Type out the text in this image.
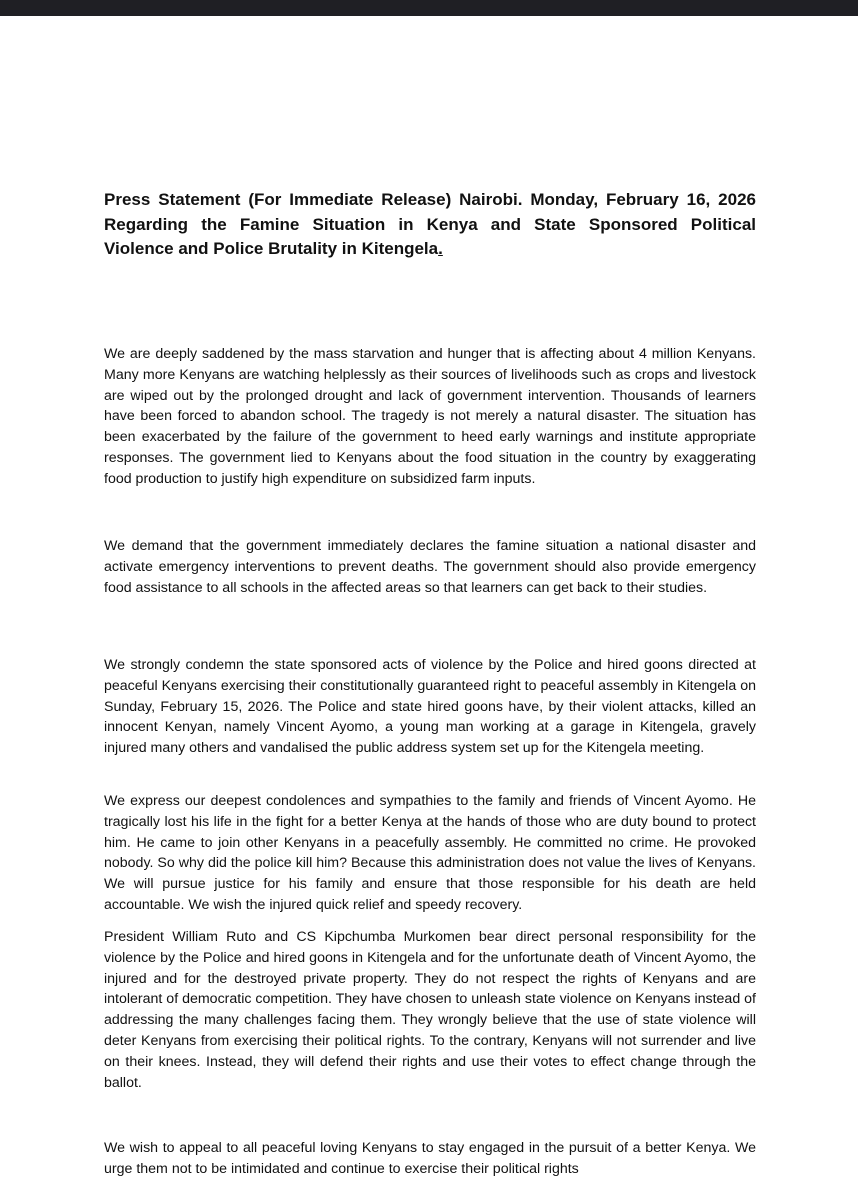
Press Statement (For Immediate Release) Nairobi. Monday, February 16, 2026
Regarding the Famine Situation in Kenya and State Sponsored Political
Violence and Police Brutality in Kitengela.

We are deeply saddened by the mass starvation and hunger that is affecting about 4 million Kenyans. Many more Kenyans are watching helplessly as their sources of livelihoods such as crops and livestock are wiped out by the prolonged drought and lack of government intervention. Thousands of learners have been forced to abandon school. The tragedy is not merely a natural disaster. The situation has been exacerbated by the failure of the government to heed early warnings and institute appropriate responses. The government lied to Kenyans about the food situation in the country by exaggerating food production to justify high expenditure on subsidized farm inputs.

We demand that the government immediately declares the famine situation a national disaster and activate emergency interventions to prevent deaths. The government should also provide emergency food assistance to all schools in the affected areas so that learners can get back to their studies.

We strongly condemn the state sponsored acts of violence by the Police and hired goons directed at peaceful Kenyans exercising their constitutionally guaranteed right to peaceful assembly in Kitengela on Sunday, February 15, 2026. The Police and state hired goons have, by their violent attacks, killed an innocent Kenyan, namely Vincent Ayomo, a young man working at a garage in Kitengela, gravely injured many others and vandalised the public address system set up for the Kitengela meeting.

We express our deepest condolences and sympathies to the family and friends of Vincent Ayomo. He tragically lost his life in the fight for a better Kenya at the hands of those who are duty bound to protect him. He came to join other Kenyans in a peacefully assembly. He committed no crime. He provoked nobody. So why did the police kill him? Because this administration does not value the lives of Kenyans. We will pursue justice for his family and ensure that those responsible for his death are held accountable. We wish the injured quick relief and speedy recovery.

President William Ruto and CS Kipchumba Murkomen bear direct personal responsibility for the violence by the Police and hired goons in Kitengela and for the unfortunate death of Vincent Ayomo, the injured and for the destroyed private property. They do not respect the rights of Kenyans and are intolerant of democratic competition. They have chosen to unleash state violence on Kenyans instead of addressing the many challenges facing them. They wrongly believe that the use of state violence will deter Kenyans from exercising their political rights. To the contrary, Kenyans will not surrender and live on their knees. Instead, they will defend their rights and use their votes to effect change through the ballot.

We wish to appeal to all peaceful loving Kenyans to stay engaged in the pursuit of a better Kenya. We urge them not to be intimidated and continue to exercise their political rights
